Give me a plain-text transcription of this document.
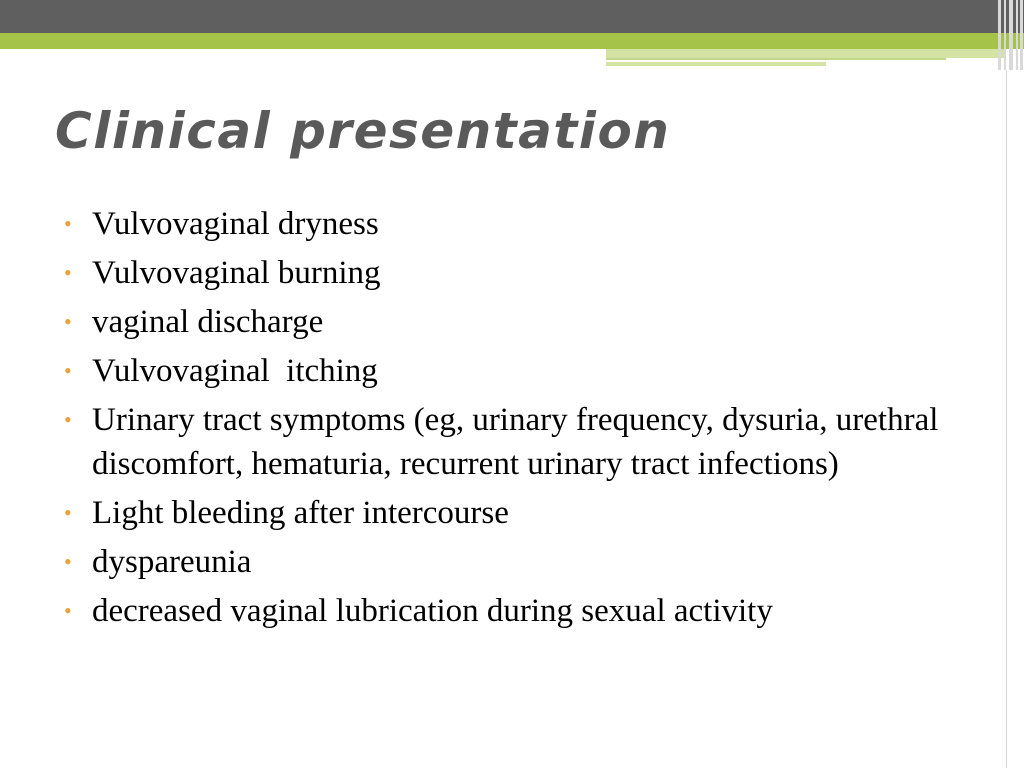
Clinical presentation
• Vulvovaginal dryness
• Vulvovaginal burning
• vaginal discharge
• Vulvovaginal  itching
• Urinary tract symptoms (eg, urinary frequency, dysuria, urethral discomfort, hematuria, recurrent urinary tract infections)
• Light bleeding after intercourse
• dyspareunia
• decreased vaginal lubrication during sexual activity
